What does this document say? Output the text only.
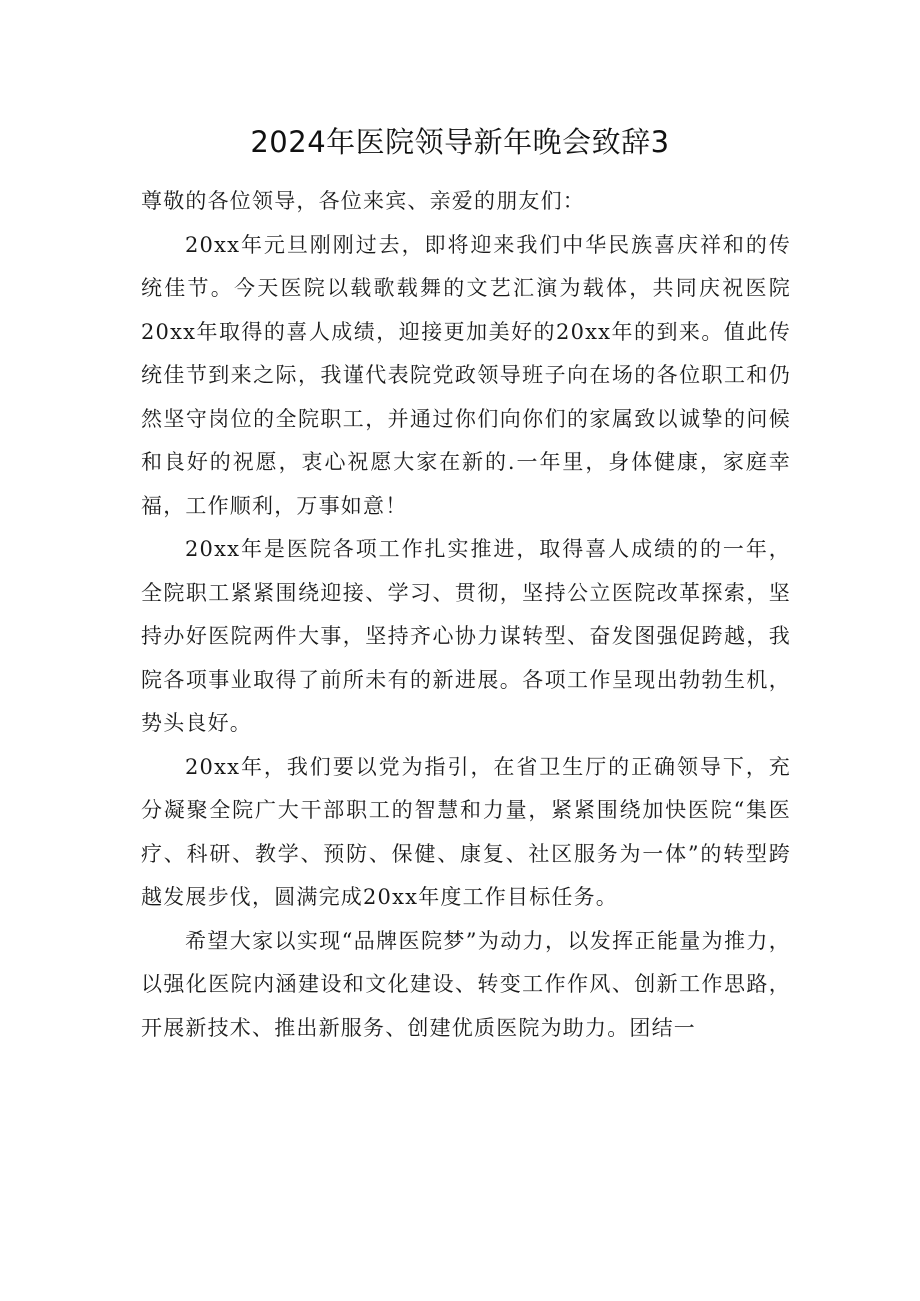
2024年医院领导新年晚会致辞3

尊敬的各位领导，各位来宾、亲爱的朋友们：

20xx年元旦刚刚过去，即将迎来我们中华民族喜庆祥和的传统佳节。今天医院以载歌载舞的文艺汇演为载体，共同庆祝医院20xx年取得的喜人成绩，迎接更加美好的20xx年的到来。值此传统佳节到来之际，我谨代表院党政领导班子向在场的各位职工和仍然坚守岗位的全院职工，并通过你们向你们的家属致以诚挚的问候和良好的祝愿，衷心祝愿大家在新的.一年里，身体健康，家庭幸福，工作顺利，万事如意！

20xx年是医院各项工作扎实推进，取得喜人成绩的的一年，全院职工紧紧围绕迎接、学习、贯彻，坚持公立医院改革探索，坚持办好医院两件大事，坚持齐心协力谋转型、奋发图强促跨越，我院各项事业取得了前所未有的新进展。各项工作呈现出勃勃生机，势头良好。

20xx年，我们要以党为指引，在省卫生厅的正确领导下，充分凝聚全院广大干部职工的智慧和力量，紧紧围绕加快医院“集医疗、科研、教学、预防、保健、康复、社区服务为一体”的转型跨越发展步伐，圆满完成20xx年度工作目标任务。

希望大家以实现“品牌医院梦”为动力，以发挥正能量为推力，以强化医院内涵建设和文化建设、转变工作作风、创新工作思路，开展新技术、推出新服务、创建优质医院为助力。团结一
